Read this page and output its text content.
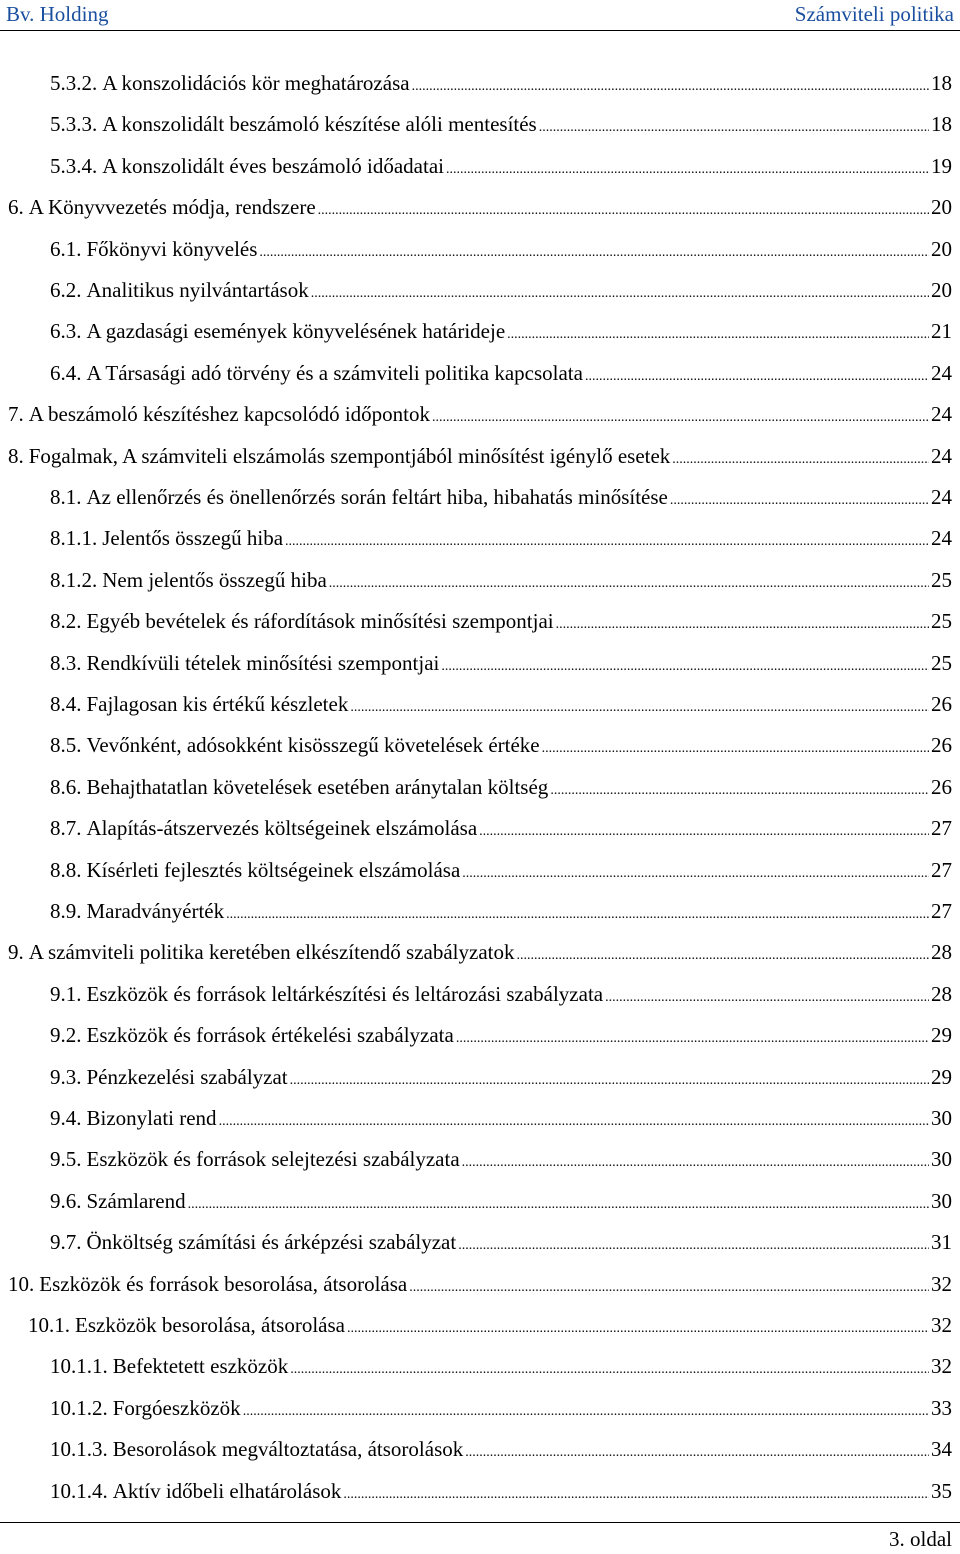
Bv. Holding	Számviteli politika
5.3.2. A konszolidációs kör meghatározása .....	18
5.3.3. A konszolidált beszámoló készítése alóli mentesítés .....	18
5.3.4. A konszolidált éves beszámoló időadatai .....	19
6. A Könyvvezetés módja, rendszere .....	20
6.1. Főkönyvi könyvelés .....	20
6.2. Analitikus nyilvántartások .....	20
6.3. A gazdasági események könyvelésének határideje .....	21
6.4. A Társasági adó törvény és a számviteli politika kapcsolata .....	24
7. A beszámoló készítéshez kapcsolódó időpontok .....	24
8. Fogalmak, A számviteli elszámolás szempontjából minősítést igénylő esetek .....	24
8.1. Az ellenőrzés és önellenőrzés során feltárt hiba, hibahatás minősítése .....	24
8.1.1. Jelentős összegű hiba .....	24
8.1.2. Nem jelentős összegű hiba .....	25
8.2. Egyéb bevételek és ráfordítások minősítési szempontjai .....	25
8.3. Rendkívüli tételek minősítési szempontjai .....	25
8.4. Fajlagosan kis értékű készletek .....	26
8.5. Vevőnként, adósokként kisösszegű követelések értéke .....	26
8.6. Behajthatatlan követelések esetében aránytalan költség .....	26
8.7. Alapítás-átszervezés költségeinek elszámolása .....	27
8.8. Kísérleti fejlesztés költségeinek elszámolása .....	27
8.9. Maradványérték .....	27
9. A számviteli politika keretében elkészítendő szabályzatok .....	28
9.1. Eszközök és források leltárkészítési és leltározási szabályzata .....	28
9.2. Eszközök és források értékelési szabályzata .....	29
9.3. Pénzkezelési szabályzat .....	29
9.4. Bizonylati rend .....	30
9.5. Eszközök és források selejtezési szabályzata .....	30
9.6. Számlarend .....	30
9.7. Önköltség számítási és árképzési szabályzat .....	31
10. Eszközök és források besorolása, átsorolása .....	32
10.1. Eszközök besorolása, átsorolása .....	32
10.1.1. Befektetett eszközök .....	32
10.1.2. Forgóeszközök .....	33
10.1.3. Besorolások megváltoztatása, átsorolások .....	34
10.1.4. Aktív időbeli elhatárolások .....	35
3. oldal
